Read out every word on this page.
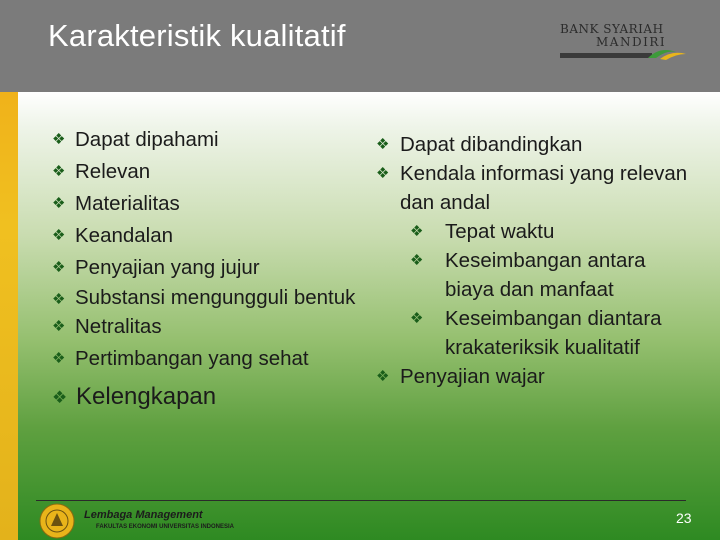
Karakteristik kualitatif	BANK SYARIAH
MANDIRI
❖ Dapat dipahami
❖ Relevan
❖ Materialitas
❖ Keandalan
❖ Penyajian yang jujur
❖ Substansi mengungguli bentuk
❖ Netralitas
❖ Pertimbangan yang sehat
❖ Kelengkapan
❖ Dapat dibandingkan
❖ Kendala informasi yang relevan dan andal
❖ Tepat waktu
❖ Keseimbangan antara biaya dan manfaat
❖ Keseimbangan diantara krakateriksik kualitatif
❖ Penyajian wajar
Lembaga Management
FAKULTAS EKONOMI UNIVERSITAS INDONESIA
23
